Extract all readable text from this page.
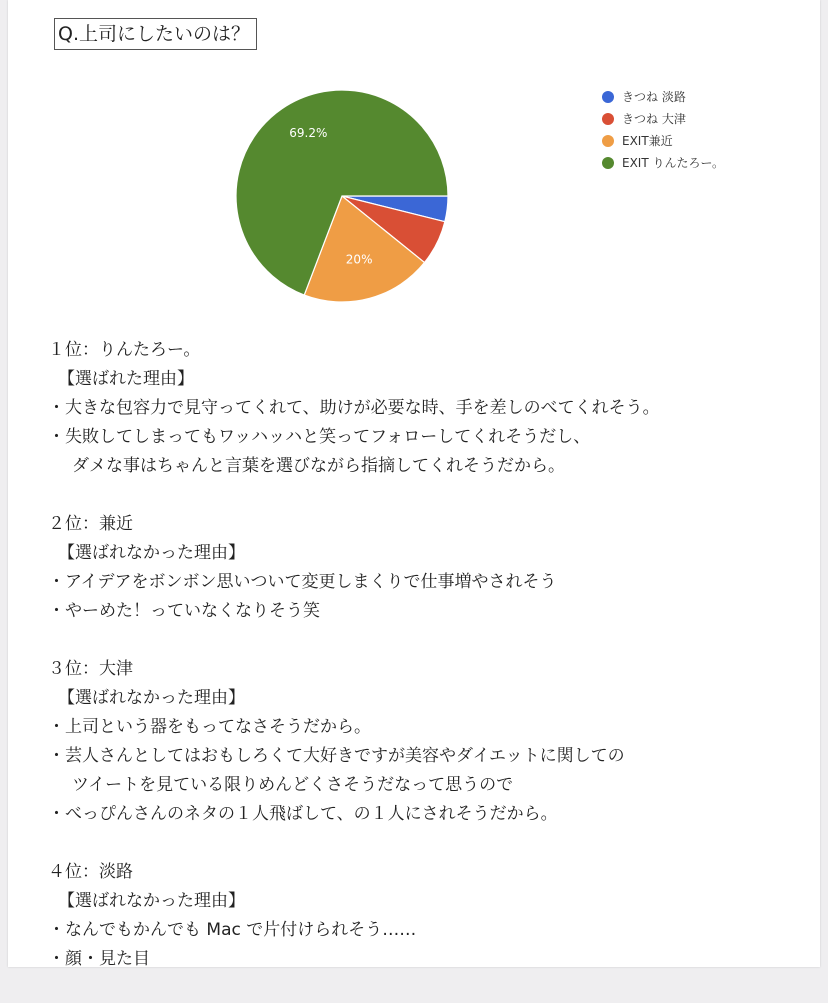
Q.上司にしたいのは？
20%
69.2%
きつね 淡路
きつね 大津
EXIT兼近
EXIT りんたろー。
１位：りんたろー。
【選ばれた理由】
・大きな包容力で見守ってくれて、助けが必要な時、手を差しのべてくれそう。
・失敗してしまってもワッハッハと笑ってフォローしてくれそうだし、
ダメな事はちゃんと言葉を選びながら指摘してくれそうだから。
２位：兼近
【選ばれなかった理由】
・アイデアをボンボン思いついて変更しまくりで仕事増やされそう
・やーめた！っていなくなりそう笑
３位：大津
【選ばれなかった理由】
・上司という器をもってなさそうだから。
・芸人さんとしてはおもしろくて大好きですが美容やダイエットに関しての
ツイートを見ている限りめんどくさそうだなって思うので
・べっぴんさんのネタの１人飛ばして、の１人にされそうだから。
４位：淡路
【選ばれなかった理由】
・なんでもかんでも Mac で片付けられそう……
・顔・見た目
